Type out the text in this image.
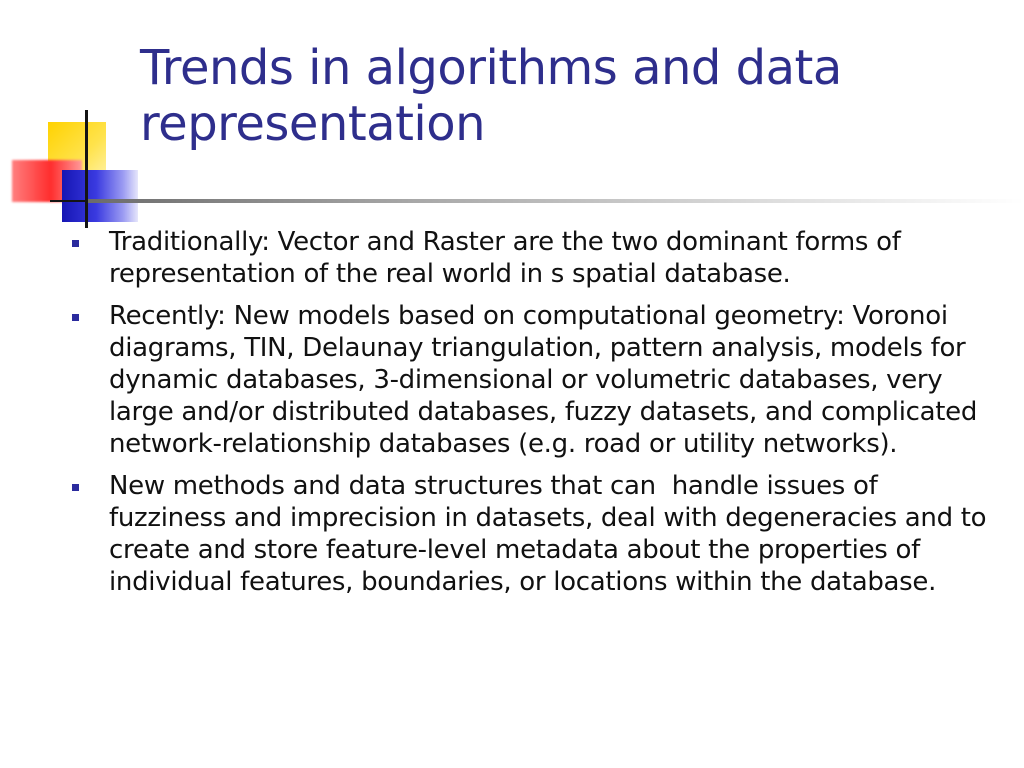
Trends in algorithms and data representation
Traditionally: Vector and Raster are the two dominant forms of representation of the real world in s spatial database.
Recently: New models based on computational geometry: Voronoi diagrams, TIN, Delaunay triangulation, pattern analysis, models for dynamic databases, 3-dimensional or volumetric databases, very large and/or distributed databases, fuzzy datasets, and complicated network-relationship databases (e.g. road or utility networks).
New methods and data structures that can  handle issues of fuzziness and imprecision in datasets, deal with degeneracies and to create and store feature-level metadata about the properties of individual features, boundaries, or locations within the database.
